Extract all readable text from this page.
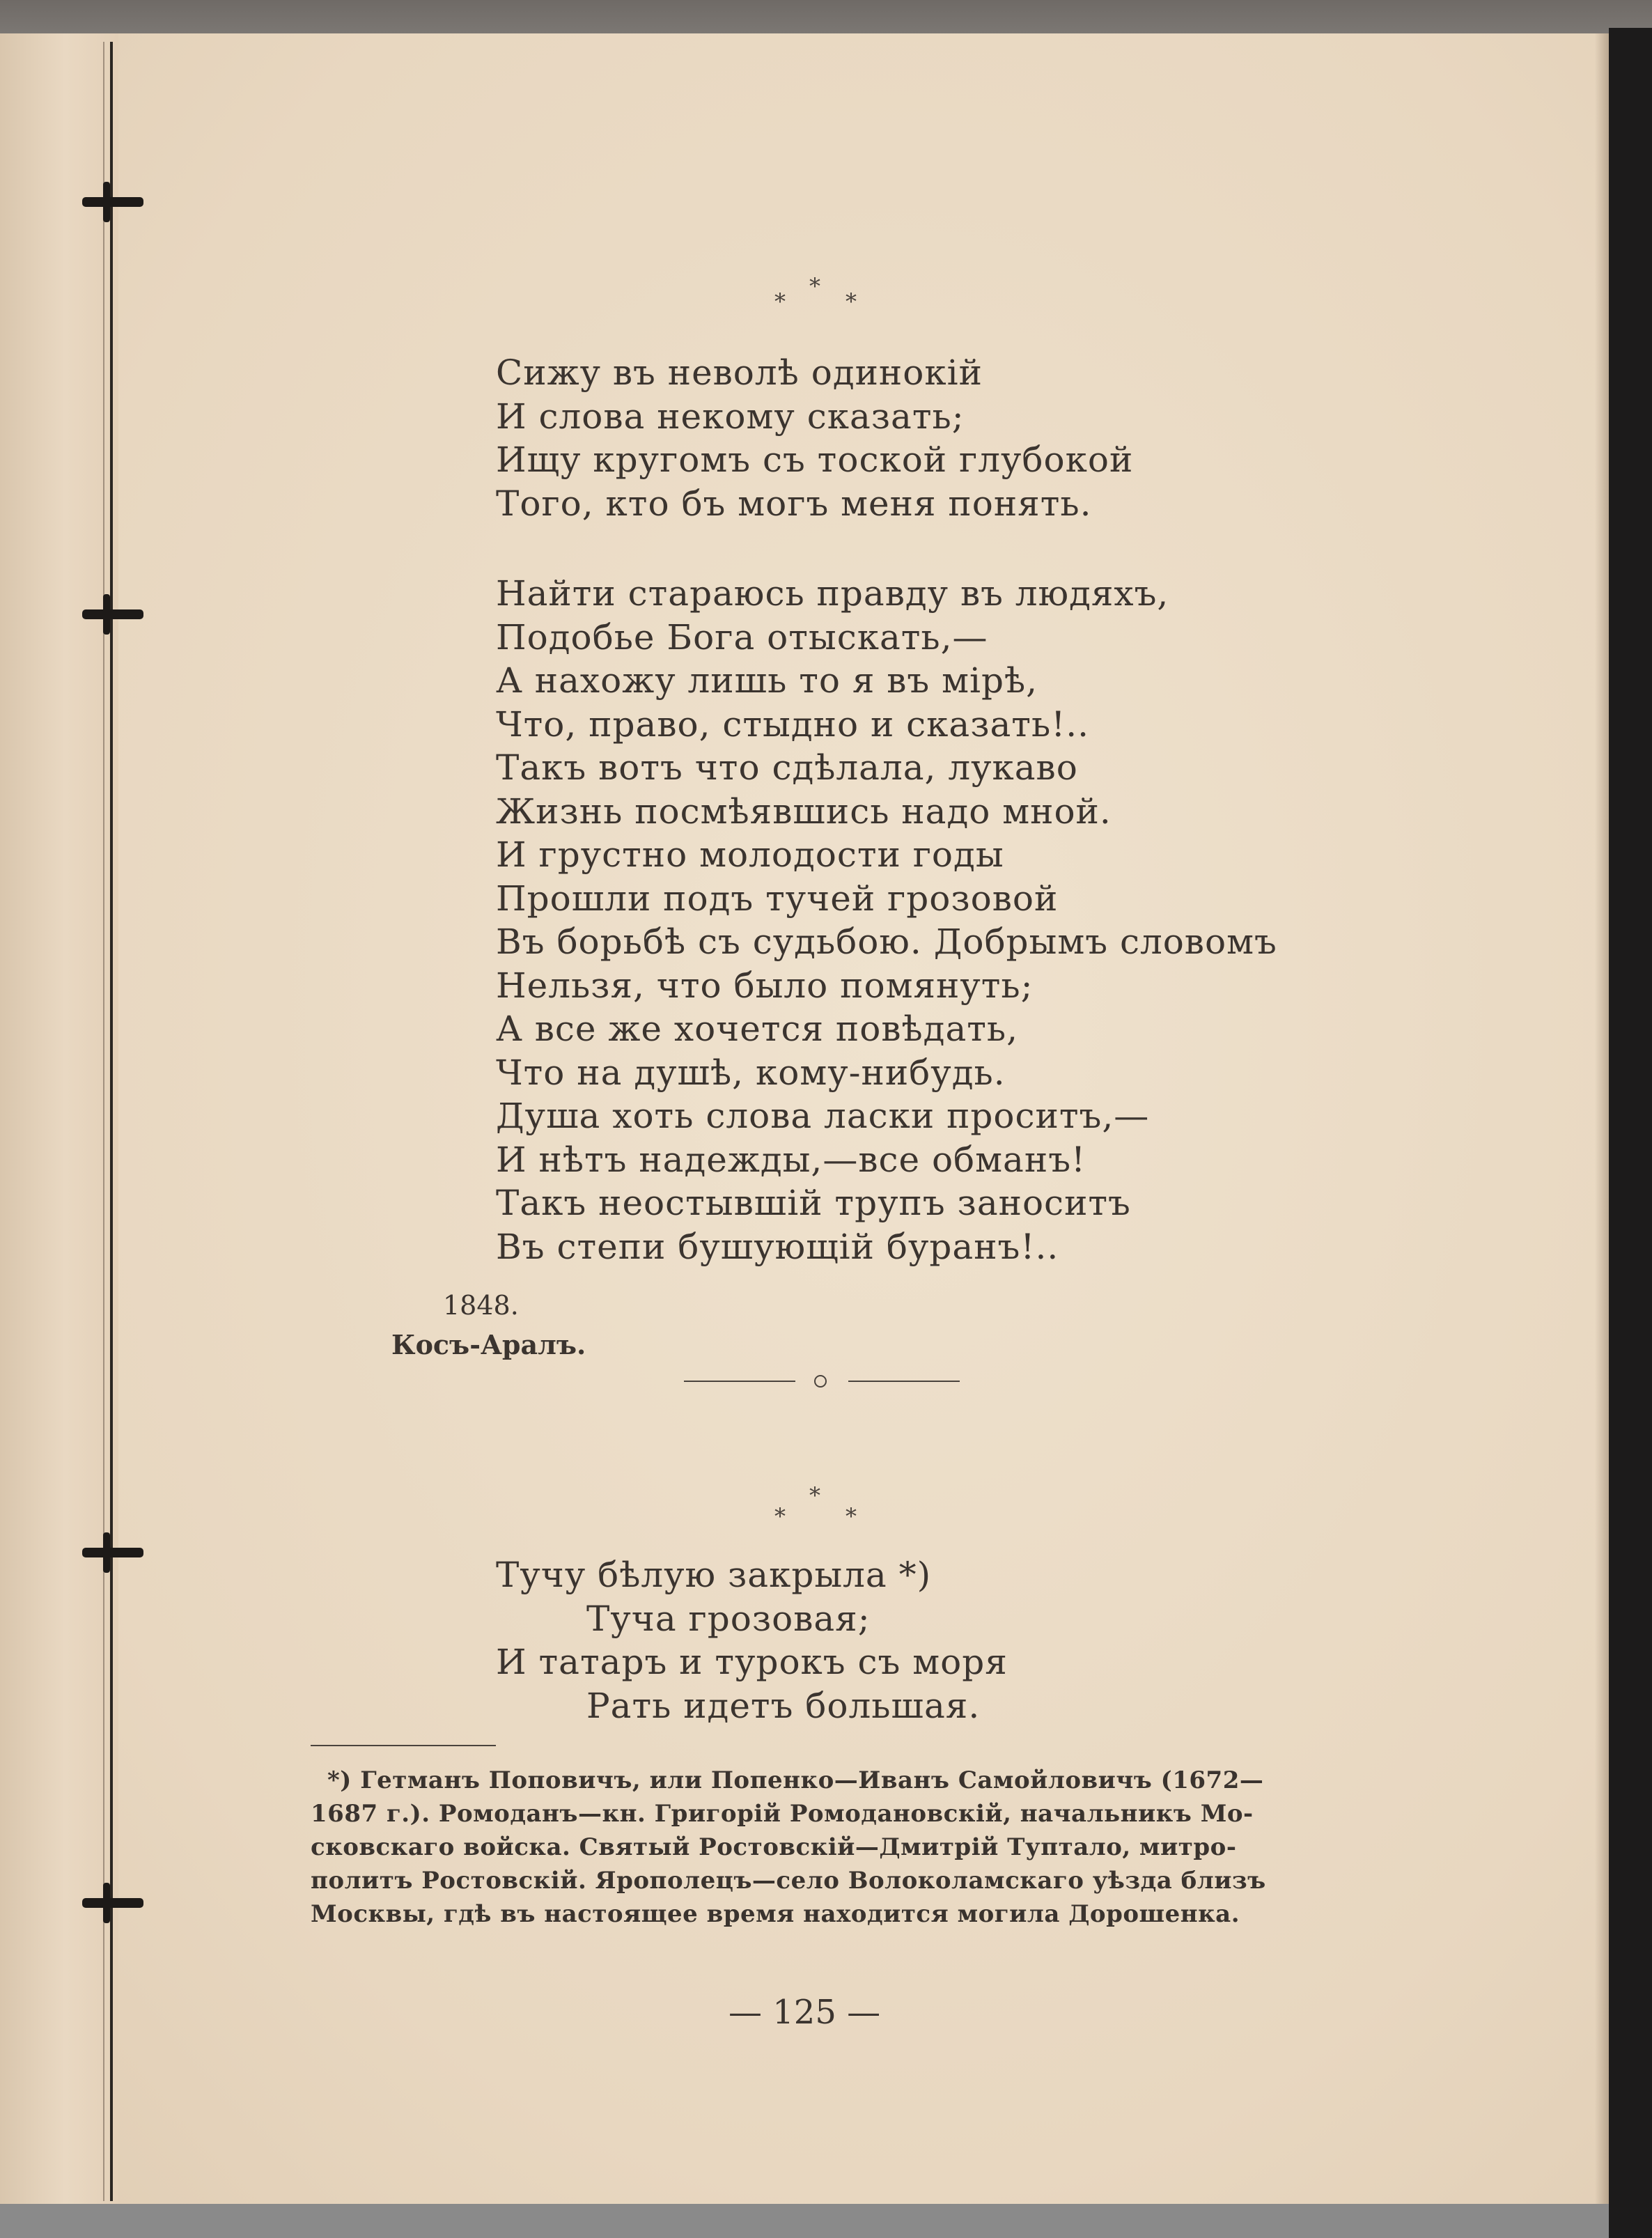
*
*
*
Сижу въ неволѣ одинокій
И слова некому сказать;
Ищу кругомъ съ тоской глубокой
Того, кто бъ могъ меня понять.
Найти стараюсь правду въ людяхъ,
Подобье Бога отыскать,—
А нахожу лишь то я въ мірѣ,
Что, право, стыдно и сказать!..
Такъ вотъ что сдѣлала, лукаво
Жизнь посмѣявшись надо мной.
И грустно молодости годы
Прошли подъ тучей грозовой
Въ борьбѣ съ судьбою. Добрымъ словомъ
Нельзя, что было помянуть;
А все же хочется повѣдать,
Что на душѣ, кому-нибудь.
Душа хоть слова ласки проситъ,—
И нѣтъ надежды,—все обманъ!
Такъ неостывшій трупъ заноситъ
Въ степи бушующій буранъ!..
1848.
Косъ-Аралъ.
*
*	*
Тучу бѣлую закрыла *)
Туча грозовая;
И татаръ и турокъ съ моря
Рать идетъ большая.
*) Гетманъ Поповичъ, или Попенко—Иванъ Самойловичъ (1672—
1687 г.). Ромоданъ—кн. Григорій Ромодановскій, начальникъ Мо-
сковскаго войска. Святый Ростовскій—Дмитрій Туптало, митро-
политъ Ростовскій. Ярополецъ—село Волоколамскаго уѣзда близъ
Москвы, гдѣ въ настоящее время находится могила Дорошенка.
— 125 —
